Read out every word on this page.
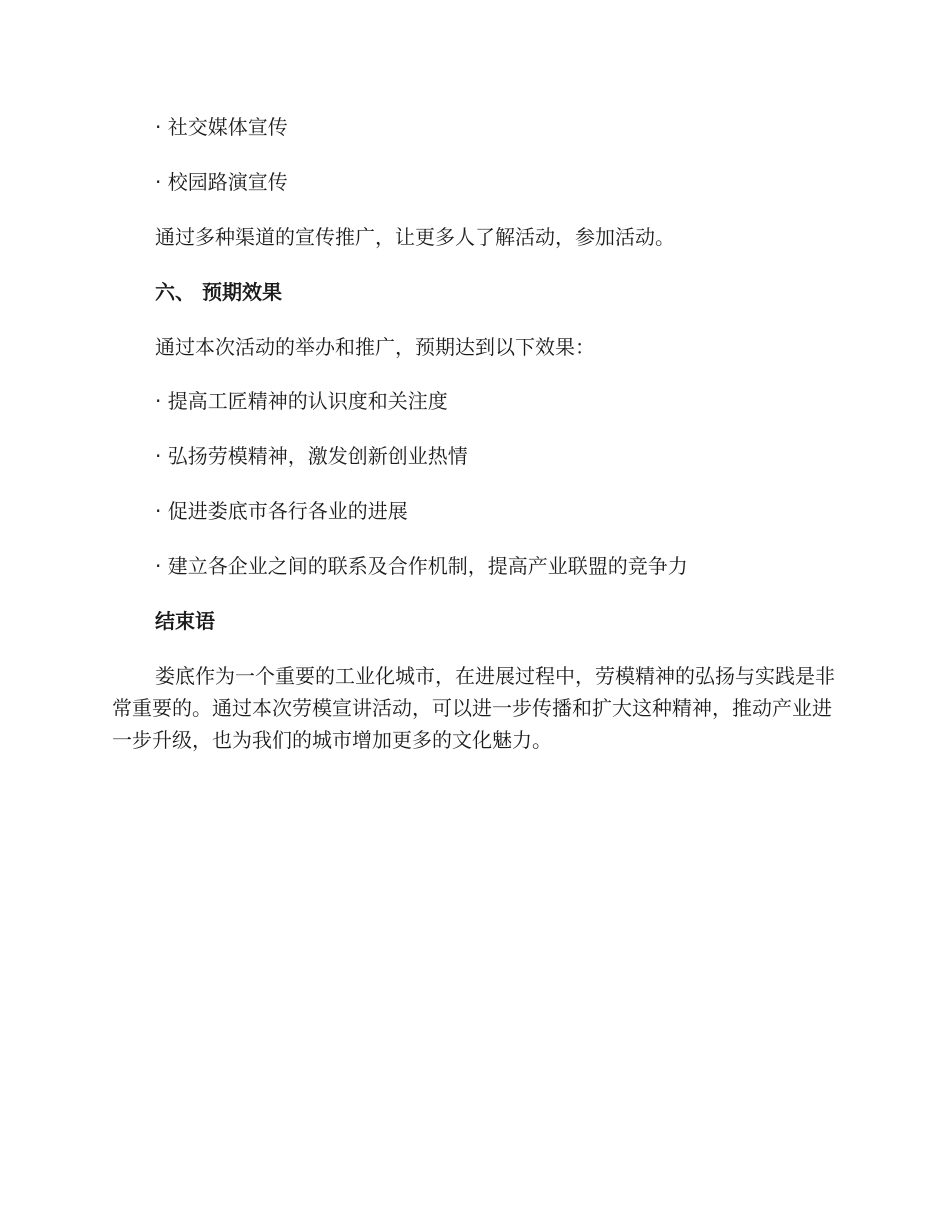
· 社交媒体宣传
· 校园路演宣传
通过多种渠道的宣传推广，让更多人了解活动，参加活动。
六、 预期效果
通过本次活动的举办和推广，预期达到以下效果：
· 提高工匠精神的认识度和关注度
· 弘扬劳模精神，激发创新创业热情
· 促进娄底市各行各业的进展
· 建立各企业之间的联系及合作机制，提高产业联盟的竞争力
结束语
娄底作为一个重要的工业化城市，在进展过程中，劳模精神的弘扬与实践是非常重要的。通过本次劳模宣讲活动，可以进一步传播和扩大这种精神，推动产业进一步升级，也为我们的城市增加更多的文化魅力。
